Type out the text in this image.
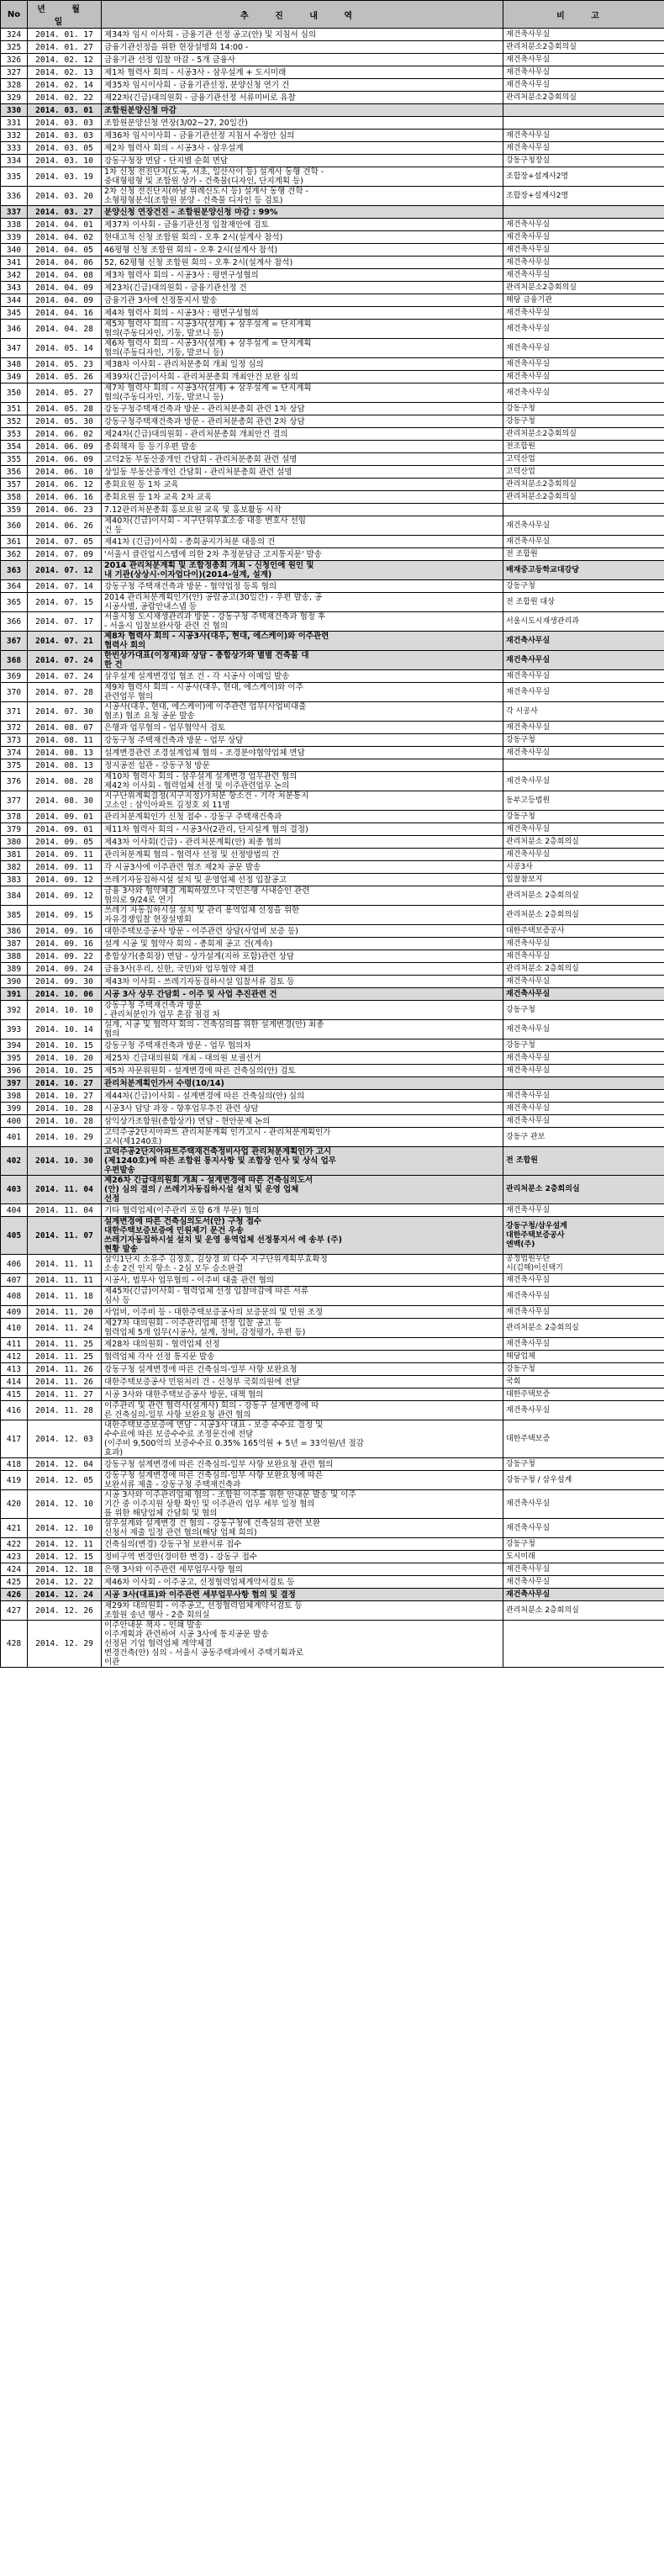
No	년 월 일	추 진 내 역	비 고
324	2014. 01. 17	제34차 임시 이사회 - 금융기관 선정 공고(안) 및 지침서 심의	재건축사무실
325	2014. 01. 27	금융기관선정을 위한 현장설명회 14:00 -	관리처분소2층회의실
326	2014. 02. 12	금융기관 선정 입찰 마감 - 5개 금융사	재건축사무실
327	2014. 02. 13	제1차 협력사 회의 - 시공3사 - 삼우설계 + 도시미래	재건축사무실
328	2014. 02. 14	제35차 임시이사회 - 금융기관선정, 분양신청 연기 건	재건축사무실
329	2014. 02. 22	제22차(긴급)대의원회 - 금융기관선정 서류미비로 유찰	관리처분소2층회의실
330	2014. 03. 01	조합원분양신청 마감	

331	2014. 03. 03	조합원분양신청 연장(3/02~27, 20일간)	

332	2014. 03. 03	제36차 임시이사회 - 금융기관선정 지침서 수정안 심의	재건축사무실
333	2014. 03. 05	제2차 협력사 회의 - 시공3사 - 삼우설계	재건축사무실
334	2014. 03. 10	강동구청장 면담 - 단지별 순회 면담	강동구청장실
335	2014. 03. 19	1차 신청 전진단지(도곡, 서초, 일산사이 등) 설계사 동행 견학 -
중대형평형 및 조합원 상가 - 건축물(디자인, 단지계획 등)	조합장+설계사2명
336	2014. 03. 20	2차 신청 전진단지(하남 위례신도시 등) 설계사 동행 견학 -
소형평형분석(조합원 분양 - 건축물 디자인 등 검토)	조합장+설계사2명
337	2014. 03. 27	분양신청 연장건진 - 조합원분양신청 마감 : 99%	

338	2014. 04. 01	제37차 이사회 - 금융기관선정 입찰재안에 검토	재건축사무실
339	2014. 04. 02	현대고척 신청 조합원 회의 - 오후 2시(설계사 참석)	재건축사무실
340	2014. 04. 05	46평형 신청 조합원 회의 - 오후 2시(설계사 참석)	재건축사무실
341	2014. 04. 06	52, 62평형 신청 조합원 회의 - 오후 2시(설계사 참석)	재건축사무실
342	2014. 04. 08	제3차 협력사 회의 - 시공3사 : 평면구성협의	재건축사무실
343	2014. 04. 09	제23차(긴급)대의원회 - 금융기관선정 건	관리처분소2층회의실
344	2014. 04. 09	금융기관 3사에 선정통지서 발송	해당 금융기관
345	2014. 04. 16	제4차 협력사 회의 - 시공3사 : 평면구성협의	재건축사무실
346	2014. 04. 28	제5차 협력사 회의 - 시공3사(설계) + 삼우설계 = 단지계획
협의(주동디자인, 기둥, 발코니 등)	재건축사무실
347	2014. 05. 14	제6차 협력사 회의 - 시공3사(설계) + 삼우설계 = 단지계획
협의(주동디자인, 기둥, 발코니 등)	재건축사무실
348	2014. 05. 23	제38차 이사회 - 관리처분총회 개최 일정 심의	재건축사무실
349	2014. 05. 26	제39차(긴급)이사회 - 관리처분총회 개최안건 보완 심의	재건축사무실
350	2014. 05. 27	제7차 협력사 회의 - 시공3사(설계) + 삼우설계 = 단지계획
협의(주동디자인, 기둥, 발코니 등)	재건축사무실
351	2014. 05. 28	강동구청주택재건축과 방문 - 관리처분총회 관련 1차 상담	강동구청
352	2014. 05. 30	강동구청주택재건축과 방문 - 관리처분총회 관련 2차 상담	강동구청
353	2014. 06. 02	제24차(긴급)대의원회 - 관리처분총회 개최안건 결의	관리처분소2층회의실
354	2014. 06. 09	총회책자 등 등기우편 발송	전조합원
355	2014. 06. 09	고덕2동 부동산중개인 간담회 - 관리처분총회 관련 설명	고덕산업
356	2014. 06. 10	상일동 부동산중개인 간담회 - 관리처분총회 관련 설명	고덕산업
357	2014. 06. 12	총회요원 등 1차 교육	관리처분소2층회의실
358	2014. 06. 16	총회요원 등 1차 교육 2차 교육	관리처분소2층회의실
359	2014. 06. 23	7.12관리처분총회 홍보요원 교육 및 홍보활동 시작	

360	2014. 06. 26	제40차(긴급)이사회 - 지구단위무효소송 대응 변호사 선임
건 등	재건축사무실
361	2014. 07. 05	제41차 (긴급)이사회 - 총회공지가처분 대응의 건	재건축사무실
362	2014. 07. 09	'서울시 클린업시스템에 의한 2차 추정분담금 고지통지문' 발송	전 조합원
363	2014. 07. 12	2014 관리처분계획 및 조합정총회 개최 - 신청인에 원인 및
내 기관(상상시·이자업다이)(2014-설계, 설계)	배재중고등학교대강당
364	2014. 07. 14	강동구청 주택재건축과 방문 - 협약업정 등록 협의	강동구청
365	2014. 07. 15	2014 관리처분계획인가(안) 공람공고(30일간) - 우편 발송, 공
시공사별, 공람안내스냅 등	전 조합원 대상
366	2014. 07. 17	서울시청 도시재생관리과 방문 - 강동구청 주택재건축과 협정 후
- 서울시 입찰보완사항 관련 건 협의	서울시도시재생관리과
367	2014. 07. 21	제8차 협력사 회의 - 시공3사(대우, 현대, 에스케이)와 이주관련
협력사 회의	재건축사무실
368	2014. 07. 24	한빈상가대표(이정재)와 상담 - 총합상가와 별별 건축물 대
한 건	재건축사무실
369	2014. 07. 24	삼우설계 설계변경업 협조 건 - 각 시공사 이메일 발송	재건축사무실
370	2014. 07. 28	제9차 협력사 회의 - 시공사(대우, 현대, 에스케이)와 이주
관련업무 협의	재건축사무실
371	2014. 07. 30	시공사(대우, 현대, 에스케이)에 이주관련 업무(사업비대출
협조) 협조 요청 공문 발송	각 시공사
372	2014. 08. 07	은행과 업무협의 - 업무협약서 검토	재건축사무실
373	2014. 08. 11	강동구청 주택재건축과 방문 - 업무 상담	강동구청
374	2014. 08. 13	설계변경관련 조경설계업체 협의 - 조경분야협약업체 면담	재건축사무실
375	2014. 08. 13	정지공전 섭관 - 강동구청 방문	

376	2014. 08. 28	제10차 협력사 회의 - 삼우설계 설계변경 업무관련 협의
제42차 이사회 - 협력업체 선정 및 이주관련업무 논의	재건축사무실
377	2014. 08. 30	지구단위계획결정(지구지정)가처분 항소건 - 기각 처분통지
고소인 : 삼익아파트 김정호 외 11명	동부고등법원
378	2014. 09. 01	관리처분계획인가 신청 접수 - 강동구 주택재건축과	강동구청
379	2014. 09. 01	제11차 협력사 회의 - 시공3사(2관리, 단지설계 협의 결정)	재건축사무실
380	2014. 09. 05	제43차 이사회(긴급) - 관리처분계획(안) 최종 협의	관리처분소 2층회의실
381	2014. 09. 11	관리처분계획 협의 - 협력사 선정 및 선정방법의 건	재건축사무실
382	2014. 09. 11	각 시공3사에 이주관련 협조 제2차 공문 발송	시공3사
383	2014. 09. 12	쓰레기자동집하시설 설치 및 운영업체 선정 입찰공고	입찰참보지
384	2014. 09. 12	금융 3사와 협약체결 계획하였으나 국민은행 사내승인 관련
협의로 9/24로 연기	관리처분소 2층회의실
385	2014. 09. 15	쓰레기 자동집하시설 설치 및 관리 용역업체 선정을 위한
자유경쟁입찰 현장설명회	관리처분소 2층회의실
386	2014. 09. 16	대한주택보증공사 방문 - 이주관련 상담(사업비 보증 등)	대한주택보증공사
387	2014. 09. 16	설계 시공 및 협약사 회의 - 총회제 공고 건(계속)	재건축사무실
388	2014. 09. 22	총합상가(총회장) 면담 - 상가설계(지하 포함)관련 상담	재건축사무실
389	2014. 09. 24	금융3사(우리, 신한, 국민)와 업무협약 체결	관리처분소 2층회의실
390	2014. 09. 30	제43차 이사회 - 쓰레기자동집하시설 입찰서류 검토 등	재건축사무실
391	2014. 10. 06	시공 3사 상무 간담회 - 이주 및 사업 추진관련 건	재건축사무실
392	2014. 10. 10	강동구청 주택재건축과 방문
- 관리처분인가 업무 혼잡 점검 차	강동구청
393	2014. 10. 14	설계, 시공 및 협력사 회의 - 건축심의를 위한 설계변경(안) 최종
협의	재건축사무실
394	2014. 10. 15	강동구청 주택재건축과 방문 - 업무 협의차	강동구청
395	2014. 10. 20	제25차 긴급대의원회 개최 - 대의원 보궐선거	재건축사무실
396	2014. 10. 25	제5차 자문위원회 - 설계변경에 따른 건축심의(안) 검토	재건축사무실
397	2014. 10. 27	관리처분계획인가서 수령(10/14)	

398	2014. 10. 27	제44차(긴급)이사회 - 설계변경에 따른 건축심의(안) 심의	재건축사무실
399	2014. 10. 28	시공3사 담당 과장 - 향후업무추진 관련 상담	재건축사무실
400	2014. 10. 28	삼익상가조합원(총합상가) 면담 - 현안문제 논의	재건축사무실
401	2014. 10. 29	고덕주공2단지아파트 관리처분계획 인가고시 - 관리처분계획인가
고시(제1240호)	강동구 관보
402	2014. 10. 30	고덕주공2단지아파트주택재건축정비사업 관리처분계획인가 고시
(제1240호)에 따른 조합원 통지사항 및 조합장 인사 및 상식 업무
우편발송	전 조합원
403	2014. 11. 04	제26차 긴급대의원회 개최 - 설계변경에 따른 건축심의도서
(안) 심의 결의 / 쓰레기자동집하시설 설치 및 운영 업체
선정	관리처분소 2층회의실
404	2014. 11. 04	기타 협력업체(이주관리 포함 6개 부문) 협의	재건축사무실
405	2014. 11. 07	설계변경에 따른 건축심의도서(안) 구청 접수
대한주택보증보증에 민원제기 문건 우송
쓰레기자동집하시설 설치 및 운영 용역업체 선정통지서 에 송부 (주)
현황 발송	강동구청/삼우설계
대한주택보증공사
엔백(주)
406	2014. 11. 11	삼익1단지 소유주 김정호, 김상경 외 다수 지구단위계획무효확정
소송 2건 인지 항소 - 2심 모두 승소판결	공정법원무단
시(김해)이신택기
407	2014. 11. 11	시공사, 법무사 업무협의 - 이주비 대출 관련 협의	재건축사무실
408	2014. 11. 18	제45차(긴급)이사회 - 협력업체 선정 입찰마감에 따른 서류
심사 등	재건축사무실
409	2014. 11. 20	사업비, 이주비 등 - 대한주택보증공사의 보증문의 및 민원 조정	재건축사무실
410	2014. 11. 24	제27차 대의원회 - 이주관리업체 선정 입찰 공고 등
협력업체 5개 업무(시공사, 설계, 정비, 감정평가, 우편 등)	관리처분소 2층회의실
411	2014. 11. 25	제28차 대의원회 - 협력업체 선정	재건축사무실
412	2014. 11. 25	협력업체 각사 선정 통지문 발송	해당업체
413	2014. 11. 26	강동구청 설계변경에 따른 건축심의-일부 사항 보완요청	강동구청
414	2014. 11. 26	대한주택보증공사 민원처리 건 - 신청부 국회의원에 전달	국회
415	2014. 11. 27	시공 3사와 대한주택보증공사 방문, 대책 협의	대한주택보증
416	2014. 11. 28	이주관리 및 관련 협력사(설계사) 회의 - 강동구 설계변경에 따
른 건축심의-일부 사항 보완요청 관련 협의	재건축사무실
417	2014. 12. 03	대한주택보증보증에 면담 - 시공3사 대표 - 보증 수수료 결정 및
수수료에 따른 보증수수료 조정문건에 전달
(이주비 9,500억의 보증수수료 0.35% 165억원 + 5년 = 33억원/년 절감
효과)	대한주택보증
418	2014. 12. 04	강동구청 설계변경에 따른 건축심의-일부 사항 보완요청 관련 협의	강동구청
419	2014. 12. 05	강동구청 설계변경에 따른 건축심의-일부 사항 보완요청에 따른
보완서류 제출 - 강동구청 주택재건축과	강동구청 / 삼우설계
420	2014. 12. 10	시공 3사와 이주관리업체 협의 - 조합원 이주를 위한 안내문 발송 및 이주
기간 중 이주지원 상황 확인 및 이주관리 업무 세부 일정 협의
를 위한 해당업체 간담회 및 협의	재건축사무실
421	2014. 12. 10	삼우설계와 설계변경 건 협의 - 강동구청에 건축심의 관련 보완
신청서 제출 일정 관련 협의(해당 업체 회의)	재건축사무실
422	2014. 12. 11	건축심의(변경) 강동구청 보완서류 접수	강동구청
423	2014. 12. 15	정비구역 변경안(경미한 변경) - 강동구 접수	도시미래
424	2014. 12. 18	은행 3사와 이주관련 세부업무사항 협의	재건축사무실
425	2014. 12. 22	제46차 이사회 - 이주공고, 선정협력업체계약서검토 등	재건축사무실
426	2014. 12. 24	시공 3사(대표)와 이주관련 세부업무사항 협의 및 결정	재건축사무실
427	2014. 12. 26	제29차 대의원회 - 이주공고, 선정협력업체계약서검토 등
조합원 송년 행사 - 2층 회의실	관리처분소 2층회의실
428	2014. 12. 29	이주안내문 책자 - 인쇄 발송
이주계획과 관련하여 시공 3사에 통지공문 발송
선정된 기업 협력업체 계약체결
변경건축(안) 심의 - 서울시 공동주택과에서 주택기획과로
이관	
